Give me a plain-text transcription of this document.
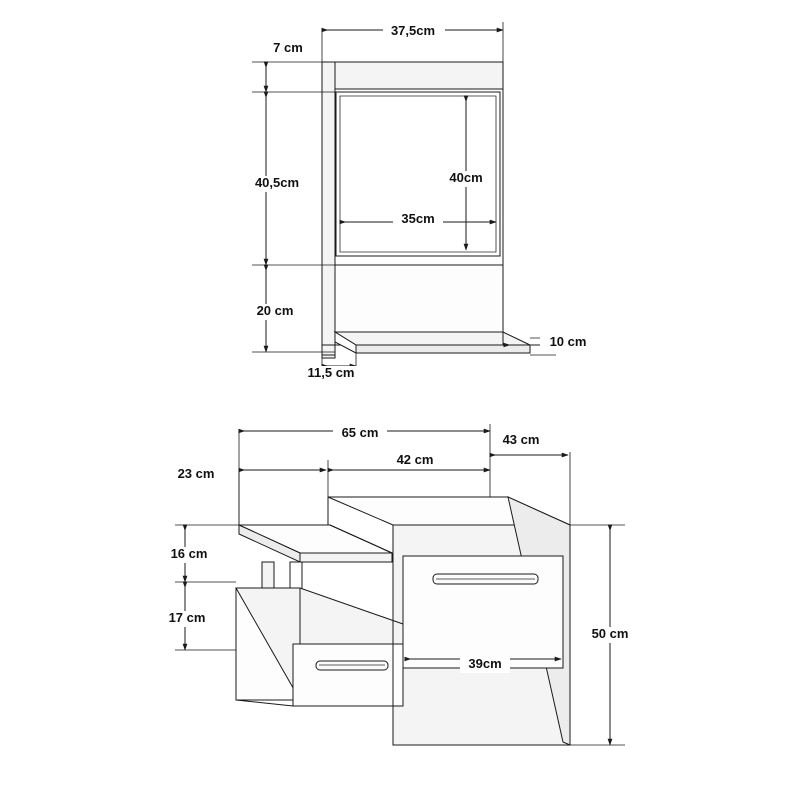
37,5cm
7 cm
40,5cm	40cm
35cm
20 cm
10 cm
11,5 cm
65 cm	43 cm
42 cm
23 cm
16 cm
17 cm
39cm
50 cm
